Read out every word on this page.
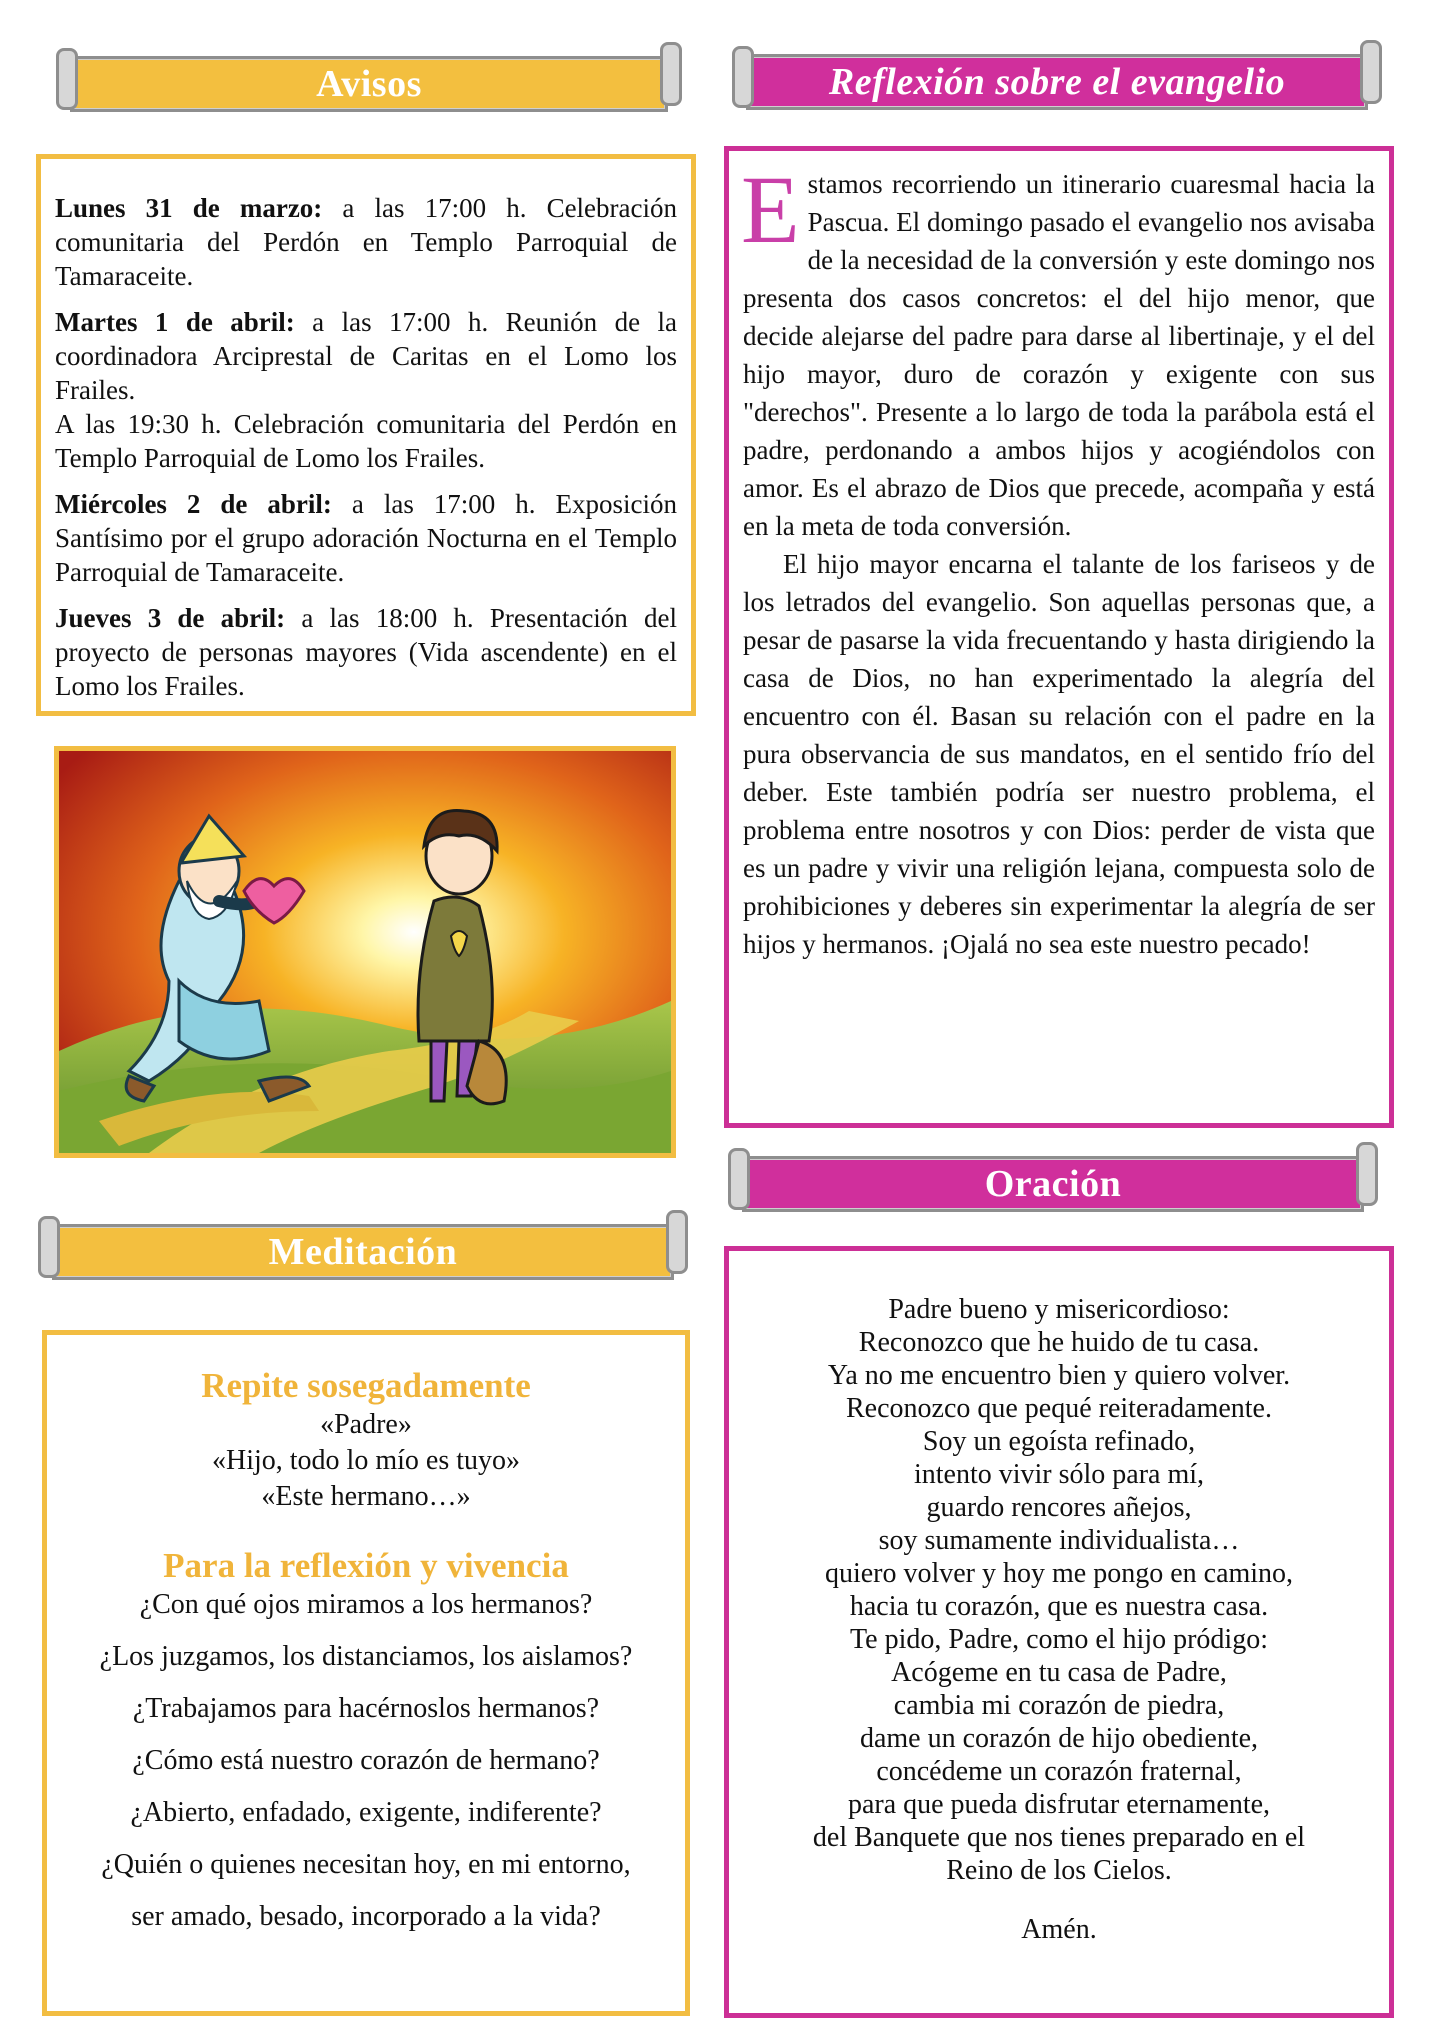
Avisos

Lunes 31 de marzo: a las 17:00 h. Celebración comunitaria del Perdón en Templo Parroquial de Tamaraceite.

Martes 1 de abril: a las 17:00 h. Reunión de la coordinadora Arciprestal de Caritas en el Lomo los Frailes.
A las 19:30 h. Celebración comunitaria del Perdón en Templo Parroquial de Lomo los Frailes.

Miércoles 2 de abril: a las 17:00 h. Exposición Santísimo por el grupo adoración Nocturna en el Templo Parroquial de Tamaraceite.

Jueves 3 de abril: a las 18:00 h. Presentación del proyecto de personas mayores (Vida ascendente) en el Lomo los Frailes.

Meditación
Repite sosegadamente
«Padre»
«Hijo, todo lo mío es tuyo»
«Este hermano…»
Para la reflexión y vivencia
¿Con qué ojos miramos a los hermanos?
¿Los juzgamos, los distanciamos, los aislamos?
¿Trabajamos para hacérnoslos hermanos?
¿Cómo está nuestro corazón de hermano?
¿Abierto, enfadado, exigente, indiferente?
¿Quién o quienes necesitan hoy, en mi entorno,
ser amado, besado, incorporado a la vida?
Reflexión sobre el evangelio

Estamos recorriendo un itinerario cuaresmal hacia la Pascua. El domingo pasado el evangelio nos avisaba de la necesidad de la conversión y este domingo nos presenta dos casos concretos: el del hijo menor, que decide alejarse del padre para darse al libertinaje, y el del hijo mayor, duro de corazón y exigente con sus "derechos". Presente a lo largo de toda la parábola está el padre, perdonando a ambos hijos y acogiéndolos con amor. Es el abrazo de Dios que precede, acompaña y está en la meta de toda conversión.

El hijo mayor encarna el talante de los fariseos y de los letrados del evangelio. Son aquellas personas que, a pesar de pasarse la vida frecuentando y hasta dirigiendo la casa de Dios, no han experimentado la alegría del encuentro con él. Basan su relación con el padre en la pura observancia de sus mandatos, en el sentido frío del deber. Este también podría ser nuestro problema, el problema entre nosotros y con Dios: perder de vista que es un padre y vivir una religión lejana, compuesta solo de prohibiciones y deberes sin experimentar la alegría de ser hijos y hermanos. ¡Ojalá no sea este nuestro pecado!

Oración
Padre bueno y misericordioso:
Reconozco que he huido de tu casa.
Ya no me encuentro bien y quiero volver.
Reconozco que pequé reiteradamente.
Soy un egoísta refinado,
intento vivir sólo para mí,
guardo rencores añejos,
soy sumamente individualista…
quiero volver y hoy me pongo en camino,
hacia tu corazón, que es nuestra casa.
Te pido, Padre, como el hijo pródigo:
Acógeme en tu casa de Padre,
cambia mi corazón de piedra,
dame un corazón de hijo obediente,
concédeme un corazón fraternal,
para que pueda disfrutar eternamente,
del Banquete que nos tienes preparado en el
Reino de los Cielos.
Amén.
